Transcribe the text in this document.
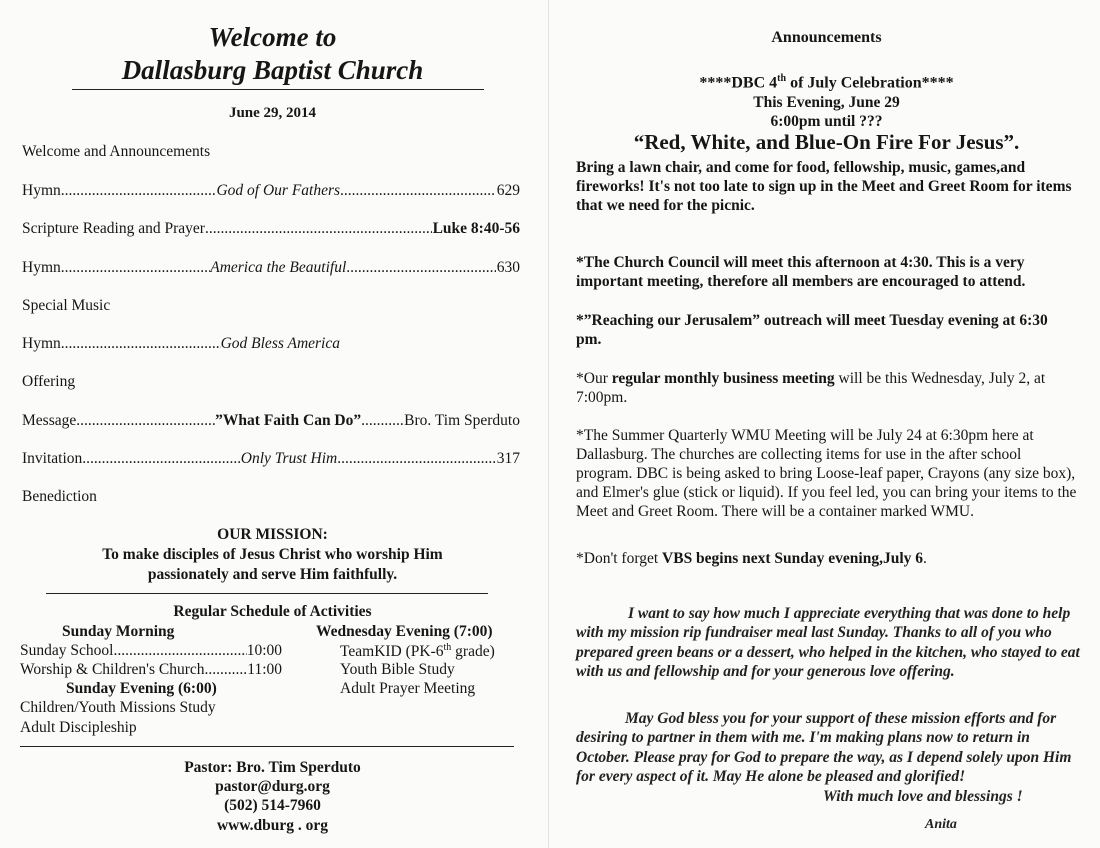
Welcome to
Dallasburg Baptist Church
June 29, 2014
Welcome and Announcements
Hymn .....	God of Our Fathers .....	629
Scripture Reading and Prayer .....	Luke 8:40-56
Hymn .....	America the Beautiful .....	630
Special Music
Hymn .....	God Bless America
Offering
Message .....	”What Faith Can Do” .....	Bro. Tim Sperduto
Invitation .....	Only Trust Him .....	317
Benediction
OUR MISSION:
To make disciples of Jesus Christ who worship Him
passionately and serve Him faithfully.
Regular Schedule of Activities
Sunday Morning
Sunday School .....	10:00
Worship & Children's Church .....	11:00
Sunday Evening (6:00)
Children/Youth Missions Study
Adult Discipleship
Wednesday Evening (7:00)
TeamKID (PK-6th grade)
Youth Bible Study
Adult Prayer Meeting
Pastor: Bro. Tim Sperduto
pastor@durg.org
(502) 514-7960
www.dburg . org
Announcements
****DBC 4th of July Celebration****
This Evening, June 29
6:00pm until ???
“Red, White, and Blue-On Fire For Jesus”.
Bring a lawn chair, and come for food, fellowship, music, games,and fireworks! It's not too late to sign up in the Meet and Greet Room for items that we need for the picnic.
*The Church Council will meet this afternoon at 4:30. This is a very important meeting, therefore all members are encouraged to attend.
*”Reaching our Jerusalem” outreach will meet Tuesday evening at 6:30 pm.
*Our regular monthly business meeting will be this Wednesday, July 2, at 7:00pm.
*The Summer Quarterly WMU Meeting will be July 24 at 6:30pm here at Dallasburg. The churches are collecting items for use in the after school program. DBC is being asked to bring Loose-leaf paper, Crayons (any size box), and Elmer's glue (stick or liquid). If you feel led, you can bring your items to the Meet and Greet Room. There will be a container marked WMU.
*Don't forget VBS begins next Sunday evening,July 6.
I want to say how much I appreciate everything that was done to help with my mission rip fundraiser meal last Sunday. Thanks to all of you who prepared green beans or a dessert, who helped in the kitchen, who stayed to eat with us and fellowship and for your generous love offering.
May God bless you for your support of these mission efforts and for desiring to partner in them with me. I'm making plans now to return in October. Please pray for God to prepare the way, as I depend solely upon Him for every aspect of it. May He alone be pleased and glorified!
With much love and blessings !
Anita
